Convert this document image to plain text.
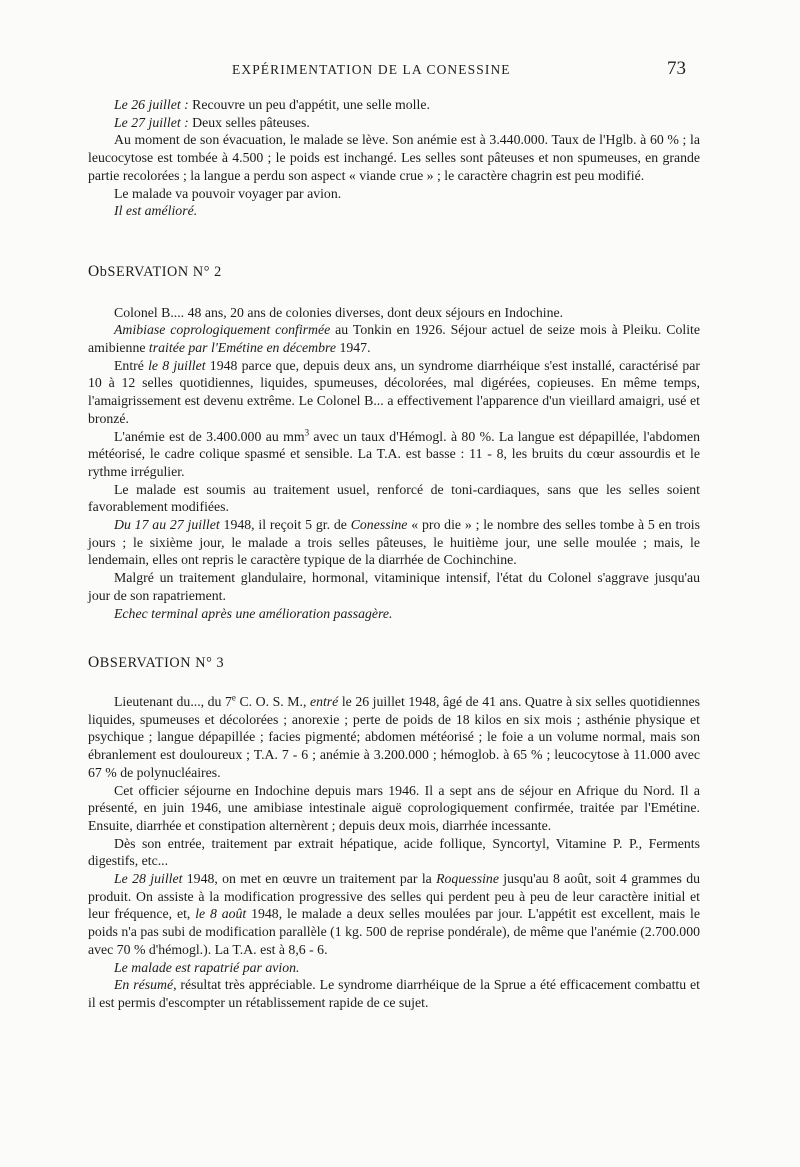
EXPÉRIMENTATION DE LA CONESSINE	73

Le 26 juillet : Recouvre un peu d'appétit, une selle molle.

Le 27 juillet : Deux selles pâteuses.

Au moment de son évacuation, le malade se lève. Son anémie est à 3.440.000. Taux de l'Hglb. à 60 % ; la leucocytose est tombée à 4.500 ; le poids est inchangé. Les selles sont pâteuses et non spumeuses, en grande partie recolorées ; la langue a perdu son aspect « viande crue » ; le caractère chagrin est peu modifié.

Le malade va pouvoir voyager par avion.

Il est amélioré.

ObSERVATION N° 2

Colonel B.... 48 ans, 20 ans de colonies diverses, dont deux séjours en Indochine.

Amibiase coprologiquement confirmée au Tonkin en 1926. Séjour actuel de seize mois à Pleiku. Colite amibienne traitée par l'Emétine en décembre 1947.

Entré le 8 juillet 1948 parce que, depuis deux ans, un syndrome diarrhéique s'est installé, caractérisé par 10 à 12 selles quotidiennes, liquides, spumeuses, décolorées, mal digérées, copieuses. En même temps, l'amaigrissement est devenu extrême. Le Colonel B... a effectivement l'apparence d'un vieillard amaigri, usé et bronzé.

L'anémie est de 3.400.000 au $mm^3$ avec un taux d'Hémogl. à 80 %. La langue est dépapillée, l'abdomen météorisé, le cadre colique spasmé et sensible. La T.A. est basse : 11 - 8, les bruits du cœur assourdis et le rythme irrégulier.

Le malade est soumis au traitement usuel, renforcé de toni-cardiaques, sans que les selles soient favorablement modifiées.

Du 17 au 27 juillet 1948, il reçoit 5 gr. de Conessine « pro die » ; le nombre des selles tombe à 5 en trois jours ; le sixième jour, le malade a trois selles pâteuses, le huitième jour, une selle moulée ; mais, le lendemain, elles ont repris le caractère typique de la diarrhée de Cochinchine.

Malgré un traitement glandulaire, hormonal, vitaminique intensif, l'état du Colonel s'aggrave jusqu'au jour de son rapatriement.

Echec terminal après une amélioration passagère.

OBSERVATION N° 3

Lieutenant du..., du 7e C. O. S. M., entré le 26 juillet 1948, âgé de 41 ans. Quatre à six selles quotidiennes liquides, spumeuses et décolorées ; anorexie ; perte de poids de 18 kilos en six mois ; asthénie physique et psychique ; langue dépapillée ; facies pigmenté; abdomen météorisé ; le foie a un volume normal, mais son ébranlement est douloureux ; T.A. 7 - 6 ; anémie à 3.200.000 ; hémoglob. à 65 % ; leucocytose à 11.000 avec 67 % de polynucléaires.

Cet officier séjourne en Indochine depuis mars 1946. Il a sept ans de séjour en Afrique du Nord. Il a présenté, en juin 1946, une amibiase intestinale aiguë coprologiquement confirmée, traitée par l'Emétine. Ensuite, diarrhée et constipation alternèrent ; depuis deux mois, diarrhée incessante.

Dès son entrée, traitement par extrait hépatique, acide follique, Syncortyl, Vitamine P. P., Ferments digestifs, etc...

Le 28 juillet 1948, on met en œuvre un traitement par la Roquessine jusqu'au 8 août, soit 4 grammes du produit. On assiste à la modification progressive des selles qui perdent peu à peu de leur caractère initial et leur fréquence, et, le 8 août 1948, le malade a deux selles moulées par jour. L'appétit est excellent, mais le poids n'a pas subi de modification parallèle (1 kg. 500 de reprise pondérale), de même que l'anémie (2.700.000 avec 70 % d'hémogl.). La T.A. est à 8,6 - 6.

Le malade est rapatrié par avion.

En résumé, résultat très appréciable. Le syndrome diarrhéique de la Sprue a été efficacement combattu et il est permis d'escompter un rétablissement rapide de ce sujet.
